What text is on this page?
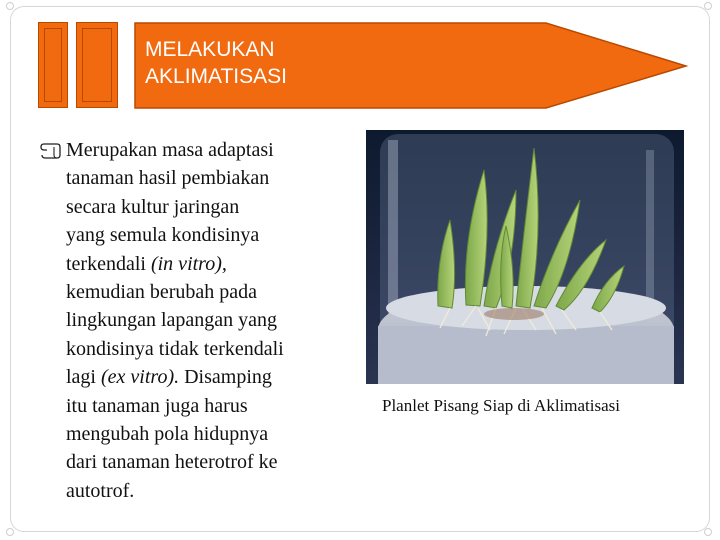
MELAKUKAN
AKLIMATISASI
Merupakan masa adaptasi
tanaman hasil pembiakan
secara kultur jaringan
yang semula kondisinya
terkendali (in vitro),
kemudian berubah pada
lingkungan lapangan yang
kondisinya tidak terkendali
lagi (ex vitro). Disamping
itu tanaman juga harus
mengubah pola hidupnya
dari tanaman heterotrof ke
autotrof.
Planlet Pisang Siap di Aklimatisasi
